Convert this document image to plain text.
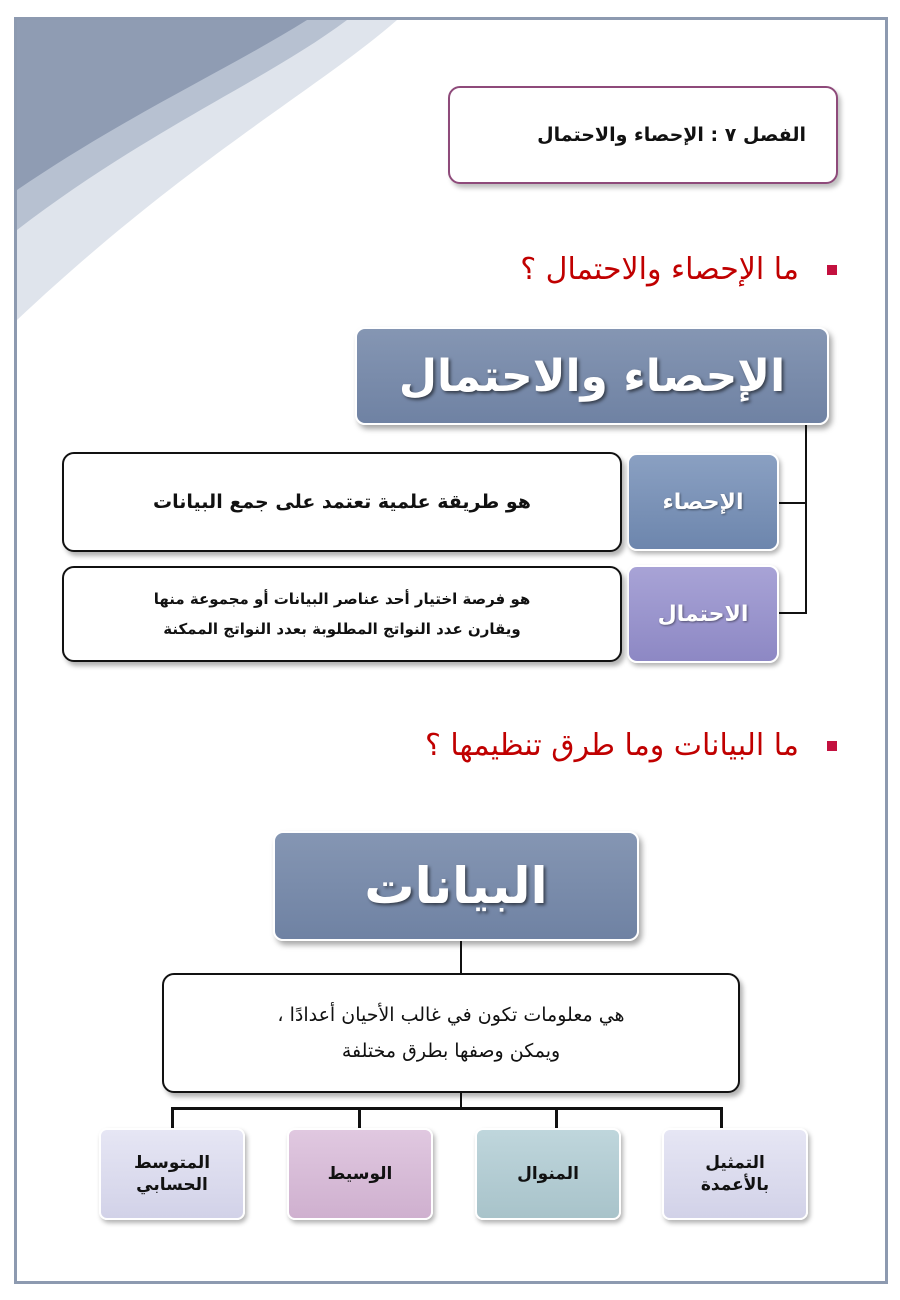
الفصل ٧ : الإحصاء والاحتمال
ما الإحصاء والاحتمال ؟
الإحصاء والاحتمال
الإحصاء
الاحتمال
هو طريقة علمية تعتمد على جمع البيانات
هو فرصة اختيار أحد عناصر البيانات أو مجموعة منها
ويقارن عدد النواتج المطلوبة بعدد النواتج الممكنة
ما البيانات وما طرق تنظيمها ؟
البيانات
هي معلومات تكون في غالب الأحيان أعدادًا ،
ويمكن وصفها بطرق مختلفة
المتوسط
الحسابي
الوسيط	المنوال
التمثيل
بالأعمدة
